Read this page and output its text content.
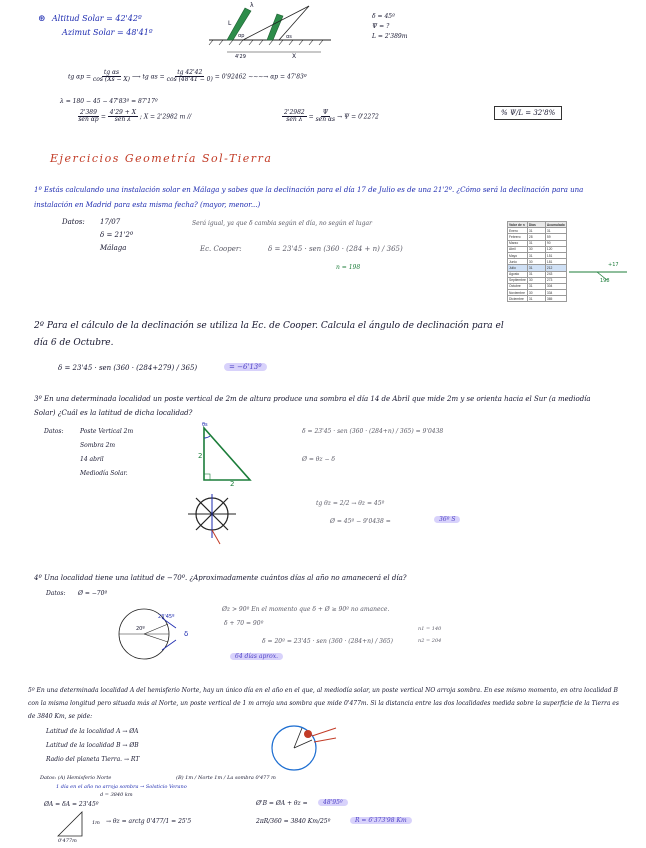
⊛ Altitud Solar = 42'42º
Azimut Solar = 48'41º
λ
L
αs
αp
4'29	X
δ = 45º
Ψ = ?
L = 2'389m
tg $\alpha p = \frac{\text{tg αs}}{\cos (Xs - X)}$ ⟶ tg $\alpha s = \frac{tg 42'42}{\cos (48'41 - 0)} = 0'92462$ ∼∼∼→ αp = 47'83º
λ = 180 − 45 − 47'83º = 87'17º
$\frac{2'389}{\text{sen αp}} = \frac{4'29 + X}{\text{sen λ}}$ ; X = 2'2982 m //	$\frac{2'2982}{\text{sen λ}} = \frac{\Psi}{\text{sen αs}} \to \Psi = 0'2272$	% Ψ/L = 32'8%
Ejercicios Geometría Sol-Tierra
1º Estás calculando una instalación solar en Málaga y sabes que la declinación para el día 17 de Julio es de una 21'2º. ¿Cómo será la declinación para una instalación en Madrid para esta misma fecha? (mayor, menor...)
Datos: 17/07
δ = 21'2º
Málaga
Será igual, ya que δ cambia según el día, no según el lugar
Ec. Cooper:	δ = 23'45 · sen (360 · (284 + n) / 365)
n = 198
Valor de n	Días	Acumulado
Enero	31	31
Febrero	28	59
Marzo	31	90
Abril	30	120
Mayo	31	151
Junio	30	181
Julio	31	212
Agosto	31	243
Septiembre	30	273
Octubre	31	304
Noviembre	30	334
Diciembre	31	365
+17
198
2º Para el cálculo de la declinación se utiliza la Ec. de Cooper. Calcula el ángulo de declinación para el día 6 de Octubre.
δ = 23'45 · sen (360 · (284+279) / 365)	= −6'13º
3º En una determinada localidad un poste vertical de 2m de altura produce una sombra el día 14 de Abril que mide 2m y se orienta hacia el Sur (a mediodía Solar) ¿Cuál es la latitud de dicha localidad?
Datos:	Poste Vertical 2m
Sombra 2m
14 abril
Mediodía Solar.
θs
2
2
δ = 23'45 · sen (360 · (284+n) / 365) = 9'0438
Ø = θz − δ
tg θz = 2/2 → θz = 45º
Ø = 45º − 9'0438 =	36º S
4º Una localidad tiene una latitud de −70º. ¿Aproximadamente cuántos días al año no amanecerá el día?
Datos: Ø = −70º
23'45º
20º
δ
Øz > 90º En el momento que δ + Ø ≥ 90º no amanece.
δ + 70 = 90º
δ = 20º = 23'45 · sen (360 · (284+n) / 365)
n1 = 140
n2 = 204
64 días aprox.
5º En una determinada localidad A del hemisferio Norte, hay un único día en el año en el que, al mediodía solar, un poste vertical NO arroja sombra. En ese mismo momento, en otra localidad B con la misma longitud pero situada más al Norte, un poste vertical de 1 m arroja una sombra que mide 0'477m. Si la distancia entre las dos localidades medida sobre la superficie de la Tierra es de 3840 Km, se pide:
Latitud de la localidad A → ØA
Latitud de la localidad B → ØB
Radio del planeta Tierra. → RT
Datos: (A) Hemisferio Norte
1 día en el año no arroja sombra → Solsticio Verano
d = 3840 km
(B) 1m / Norte 1m / La sombra 0'477 m
ØA = δA = 23'45º
1m → θz = arctg 0'477/1 = 25'5
0'477m
Ø'B = ØA + θz =	48'95º
2πR/360 = 3840 Km/25º	R = 6'373'98 Km
